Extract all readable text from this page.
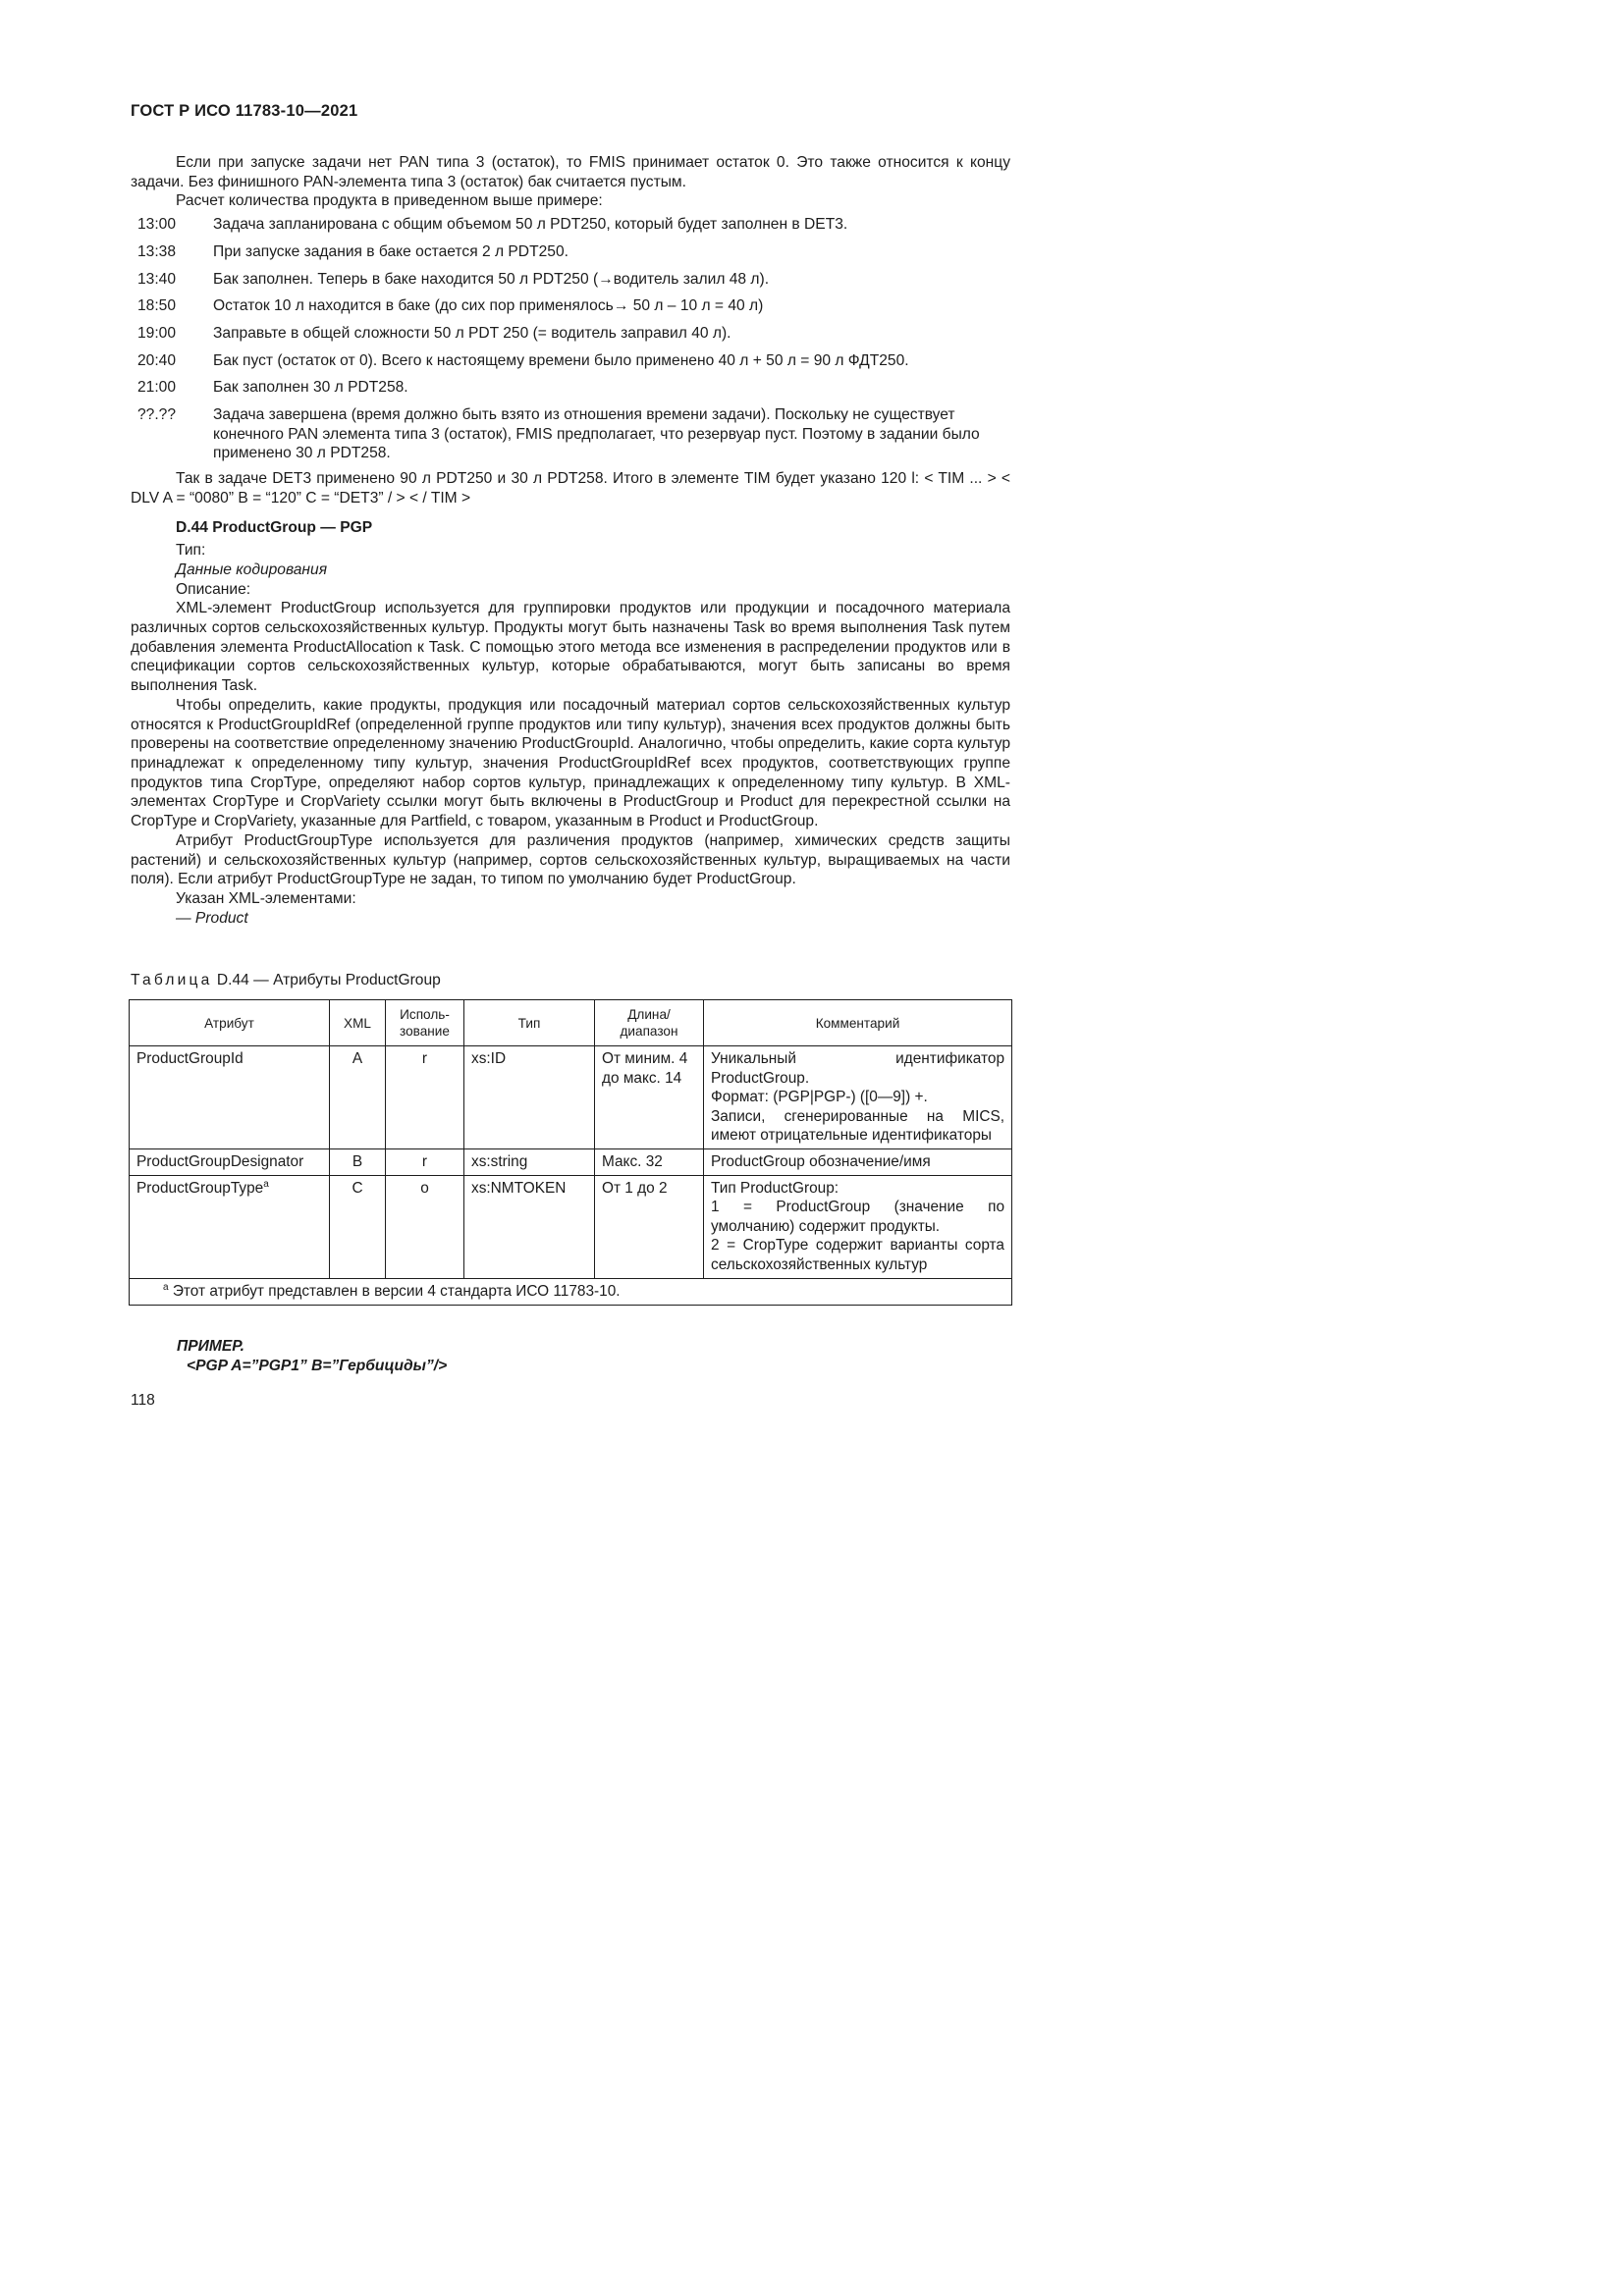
ГОСТ Р ИСО 11783-10—2021

Если при запуске задачи нет PAN типа 3 (остаток), то FMIS принимает остаток 0. Это также относится к концу задачи. Без финишного PAN-элемента типа 3 (остаток) бак считается пустым.

Расчет количества продукта в приведенном выше примере:

13:00	Задача запланирована с общим объемом 50 л PDT250, который будет заполнен в DET3.
13:38	При запуске задания в баке остается 2 л PDT250.
13:40	Бак заполнен. Теперь в баке находится 50 л PDT250 (→водитель залил 48 л).
18:50	Остаток 10 л находится в баке (до сих пор применялось→ 50 л – 10 л = 40 л)
19:00	Заправьте в общей сложности 50 л PDT 250 (= водитель заправил 40 л).
20:40	Бак пуст (остаток от 0). Всего к настоящему времени было применено 40 л + 50 л = 90 л ФДТ250.
21:00	Бак заполнен 30 л PDT258.
??.??	Задача завершена (время должно быть взято из отношения времени задачи). Поскольку не существует конечного PAN элемента типа 3 (остаток), FMIS предполагает, что резервуар пуст. Поэтому в задании было применено 30 л PDT258.

Так в задаче DET3 применено 90 л PDT250 и 30 л PDT258. Итого в элементе TIM будет указано 120 l: < TIM ... > < DLV A = “0080” B = “120” C = “DET3” / > < / TIM >

D.44 ProductGroup — PGP

Тип:

Данные кодирования

Описание:

XML-элемент ProductGroup используется для группировки продуктов или продукции и посадочного материала различных сортов сельскохозяйственных культур. Продукты могут быть назначены Task во время выполнения Task путем добавления элемента ProductAllocation к Task. С помощью этого метода все изменения в распределении продуктов или в спецификации сортов сельскохозяйственных культур, которые обрабатываются, могут быть записаны во время выполнения Task.

Чтобы определить, какие продукты, продукция или посадочный материал сортов сельскохозяйственных культур относятся к ProductGroupIdRef (определенной группе продуктов или типу культур), значения всех продуктов должны быть проверены на соответствие определенному значению ProductGroupId. Аналогично, чтобы определить, какие сорта культур принадлежат к определенному типу культур, значения ProductGroupIdRef всех продуктов, соответствующих группе продуктов типа CropType, определяют набор сортов культур, принадлежащих к определенному типу культур. В XML-элементах CropType и CropVariety ссылки могут быть включены в ProductGroup и Product для перекрестной ссылки на CropType и CropVariety, указанные для Partfield, с товаром, указанным в Product и ProductGroup.

Атрибут ProductGroupType используется для различения продуктов (например, химических средств защиты растений) и сельскохозяйственных культур (например, сортов сельскохозяйственных культур, выращиваемых на части поля). Если атрибут ProductGroupType не задан, то типом по умолчанию будет ProductGroup.

Указан XML-элементами:

— Product

Таблица D.44 — Атрибуты ProductGroup
Атрибут	XML	Исполь-зование	Тип	Длина/диапазон	Комментарий
ProductGroupId	A	r	xs:ID	От миним. 4 до макс. 14	Уникальный идентификатор ProductGroup.
Формат: (PGP|PGP-) ([0—9]) +.
Записи, сгенерированные на MICS, имеют отрицательные идентификаторы

ProductGroupDesignator	B	r	xs:string	Макс. 32	ProductGroup обозначение/имя

ProductGroupType$^a$	C	o	xs:NMTOKEN	От 1 до 2	Тип ProductGroup:
1 = ProductGroup (значение по умолчанию) содержит продукты.
2 = CropType содержит варианты сорта сельскохозяйственных культур

$^a$ Этот атрибут представлен в версии 4 стандарта ИСО 11783-10.					
ПРИМЕР.
<PGP A=”PGP1” B=”Гербициды”/>
118
